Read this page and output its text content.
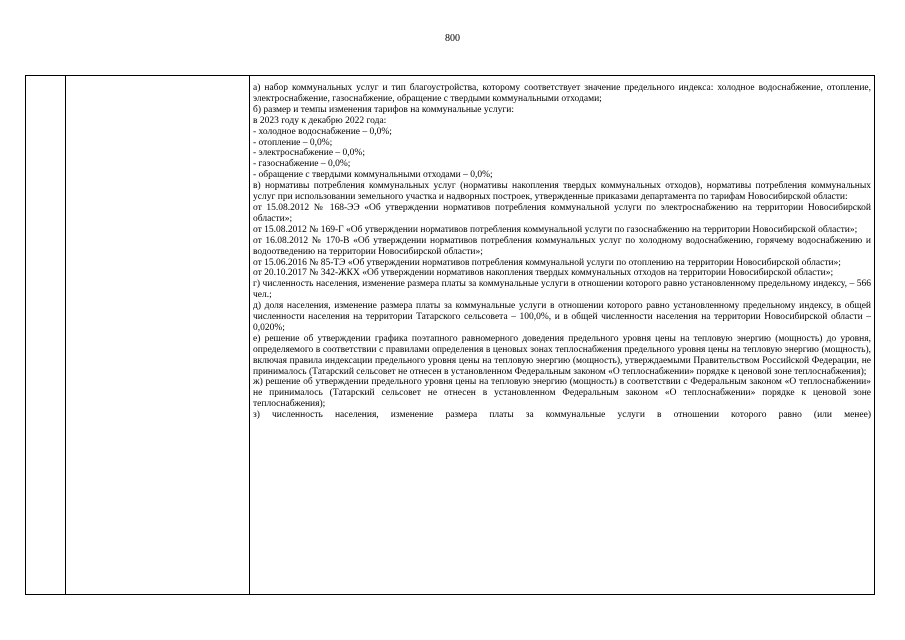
800

а) набор коммунальных услуг и тип благоустройства, которому соответствует значение предельного индекса: холодное водоснабжение, отопление, электроснабжение, газоснабжение, обращение с твердыми коммунальными отходами;

б) размер и темпы изменения тарифов на коммунальные услуги:

в 2023 году к декабрю 2022 года:

- холодное водоснабжение – 0,0%;

- отопление – 0,0%;

- электроснабжение – 0,0%;

- газоснабжение – 0,0%;

- обращение с твердыми коммунальными отходами – 0,0%;

в) нормативы потребления коммунальных услуг (нормативы накопления твердых коммунальных отходов), нормативы потребления коммунальных услуг при использовании земельного участка и надворных построек, утвержденные приказами департамента по тарифам Новосибирской области:

от 15.08.2012 № 168-ЭЭ «Об утверждении нормативов потребления коммунальной услуги по электроснабжению на территории Новосибирской области»;

от 15.08.2012 № 169-Г «Об утверждении нормативов потребления коммунальной услуги по газоснабжению на территории Новосибирской области»;

от 16.08.2012 № 170-В «Об утверждении нормативов потребления коммунальных услуг по холодному водоснабжению, горячему водоснабжению и водоотведению на территории Новосибирской области»;

от 15.06.2016 № 85-ТЭ «Об утверждении нормативов потребления коммунальной услуги по отоплению на территории Новосибирской области»;

от 20.10.2017 № 342-ЖКХ «Об утверждении нормативов накопления твердых коммунальных отходов на территории Новосибирской области»;

г) численность населения, изменение размера платы за коммунальные услуги в отношении которого равно установленному предельному индексу, – 566 чел.;

д) доля населения, изменение размера платы за коммунальные услуги в отношении которого равно установленному предельному индексу, в общей численности населения на территории Татарского сельсовета – 100,0%, и в общей численности населения на территории Новосибирской области – 0,020%;

е) решение об утверждении графика поэтапного равномерного доведения предельного уровня цены на тепловую энергию (мощность) до уровня, определяемого в соответствии с правилами определения в ценовых зонах теплоснабжения предельного уровня цены на тепловую энергию (мощность), включая правила индексации предельного уровня цены на тепловую энергию (мощность), утверждаемыми Правительством Российской Федерации, не принималось (Татарский сельсовет не отнесен в установленном Федеральным законом «О теплоснабжении» порядке к ценовой зоне теплоснабжения);

ж) решение об утверждении предельного уровня цены на тепловую энергию (мощность) в соответствии с Федеральным законом «О теплоснабжении» не принималось (Татарский сельсовет не отнесен в установленном Федеральным законом «О теплоснабжении» порядке к ценовой зоне теплоснабжения);

з) численность населения, изменение размера платы за коммунальные услуги в отношении которого равно (или менее)
